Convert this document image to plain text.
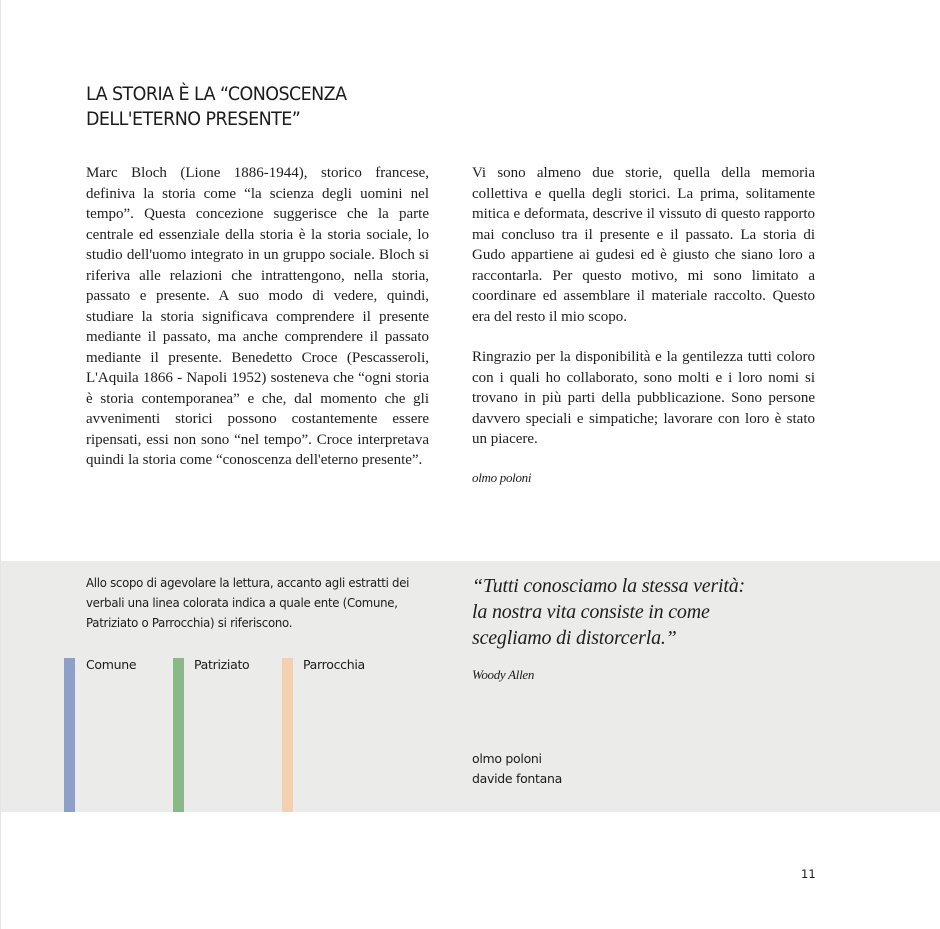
LA STORIA È LA “CONOSCENZA
DELL'ETERNO PRESENTE”

Marc Bloch (Lione 1886-1944), storico francese, definiva la storia come “la scienza degli uomini nel tempo”. Questa concezione suggerisce che la parte centrale ed essenziale della storia è la storia sociale, lo studio dell'uomo integrato in un gruppo sociale. Bloch si riferiva alle relazioni che intrattengono, nella storia, passato e presente. A suo modo di vedere, quindi, studiare la storia significava comprendere il presente mediante il passato, ma anche comprendere il passato mediante il presente. Benedetto Croce (Pescasseroli, L'Aquila 1866 - Napoli 1952) sosteneva che “ogni storia è storia contemporanea” e che, dal momento che gli avvenimenti storici possono costantemente essere ripensati, essi non sono “nel tempo”. Croce interpretava quindi la storia come “conoscenza dell'eterno presente”.

Vi sono almeno due storie, quella della memoria collettiva e quella degli storici. La prima, solitamente mitica e deformata, descrive il vissuto di questo rapporto mai concluso tra il presente e il passato. La storia di Gudo appartiene ai gudesi ed è giusto che siano loro a raccontarla. Per questo motivo, mi sono limitato a coordinare ed assemblare il materiale raccolto. Questo era del resto il mio scopo.

Ringrazio per la disponibilità e la gentilezza tutti coloro con i quali ho collaborato, sono molti e i loro nomi si trovano in più parti della pubblicazione. Sono persone davvero speciali e simpatiche; lavorare con loro è stato un piacere.

olmo poloni

Allo scopo di agevolare la lettura, accanto agli estratti dei verbali una linea colorata indica a quale ente (Comune, Patriziato o Parrocchia) si riferiscono.

Comune	Patriziato	Parrocchia
“Tutti conosciamo la stessa verità:
la nostra vita consiste in come
scegliamo di distorcerla.”
Woody Allen
olmo poloni
davide fontana
11
